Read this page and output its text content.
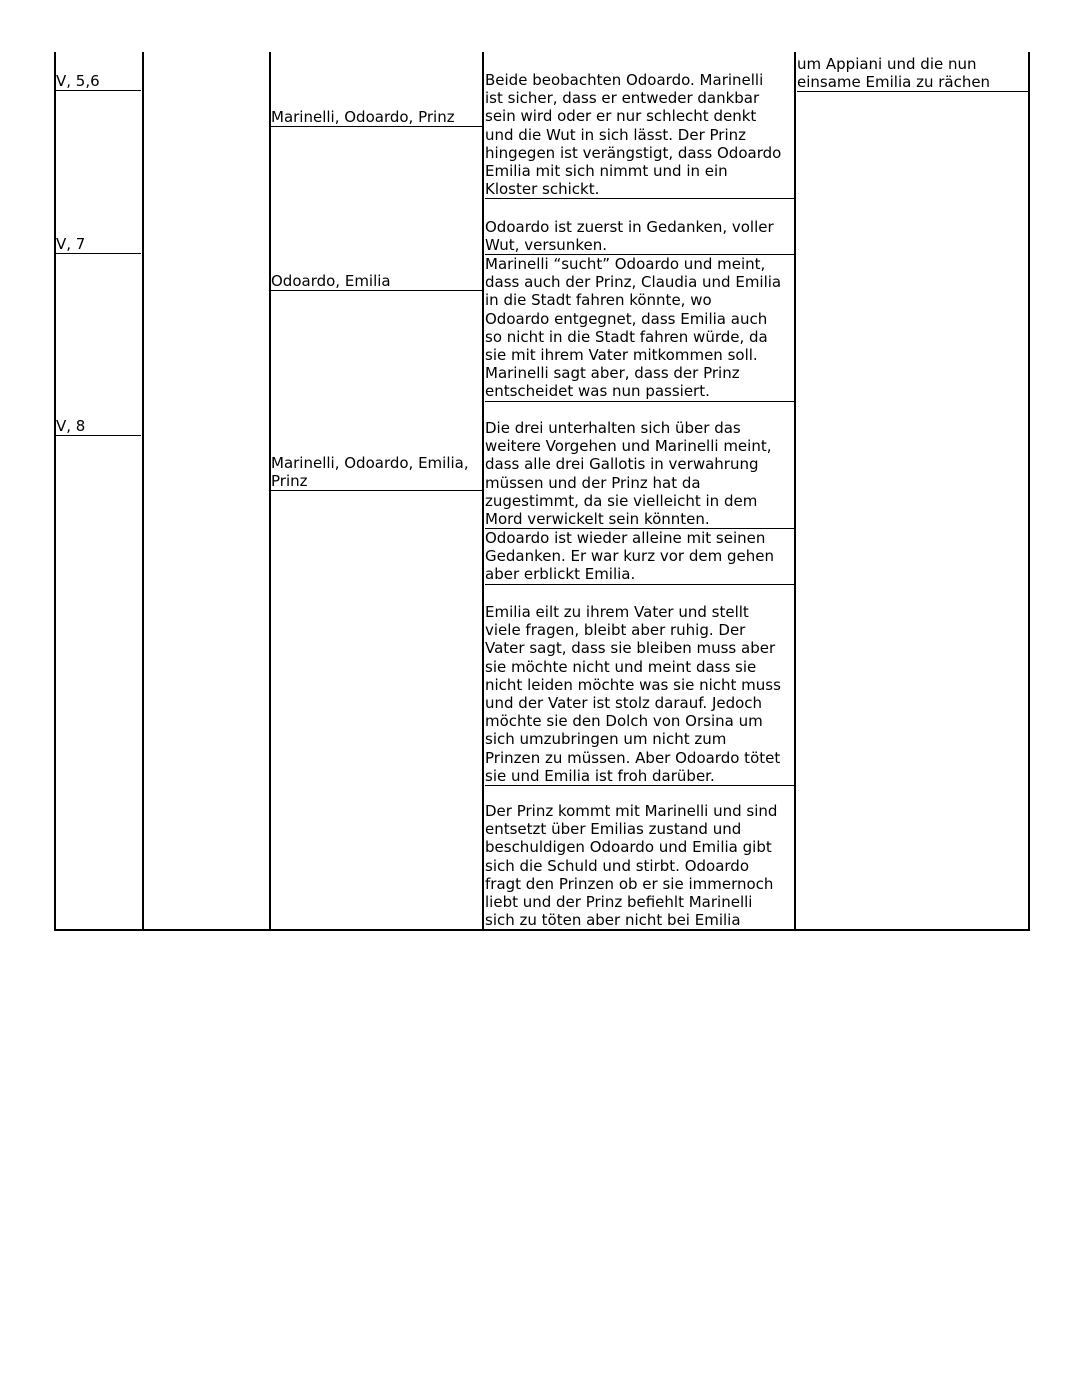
V, 5,6
V, 7
V, 8
Marinelli, Odoardo, Prinz
Odoardo, Emilia
Marinelli, Odoardo, Emilia,
Prinz
Beide beobachten Odoardo. Marinelli
ist sicher, dass er entweder dankbar
sein wird oder er nur schlecht denkt
und die Wut in sich lässt. Der Prinz
hingegen ist verängstigt, dass Odoardo
Emilia mit sich nimmt und in ein
Kloster schickt.
Odoardo ist zuerst in Gedanken, voller
Wut, versunken.
Marinelli “sucht” Odoardo und meint,
dass auch der Prinz, Claudia und Emilia
in die Stadt fahren könnte, wo
Odoardo entgegnet, dass Emilia auch
so nicht in die Stadt fahren würde, da
sie mit ihrem Vater mitkommen soll.
Marinelli sagt aber, dass der Prinz
entscheidet was nun passiert.
Die drei unterhalten sich über das
weitere Vorgehen und Marinelli meint,
dass alle drei Gallotis in verwahrung
müssen und der Prinz hat da
zugestimmt, da sie vielleicht in dem
Mord verwickelt sein könnten.
Odoardo ist wieder alleine mit seinen
Gedanken. Er war kurz vor dem gehen
aber erblickt Emilia.
Emilia eilt zu ihrem Vater und stellt
viele fragen, bleibt aber ruhig. Der
Vater sagt, dass sie bleiben muss aber
sie möchte nicht und meint dass sie
nicht leiden möchte was sie nicht muss
und der Vater ist stolz darauf. Jedoch
möchte sie den Dolch von Orsina um
sich umzubringen um nicht zum
Prinzen zu müssen. Aber Odoardo tötet
sie und Emilia ist froh darüber.
Der Prinz kommt mit Marinelli und sind
entsetzt über Emilias zustand und
beschuldigen Odoardo und Emilia gibt
sich die Schuld und stirbt. Odoardo
fragt den Prinzen ob er sie immernoch
liebt und der Prinz befiehlt Marinelli
sich zu töten aber nicht bei Emilia
um Appiani und die nun
einsame Emilia zu rächen
